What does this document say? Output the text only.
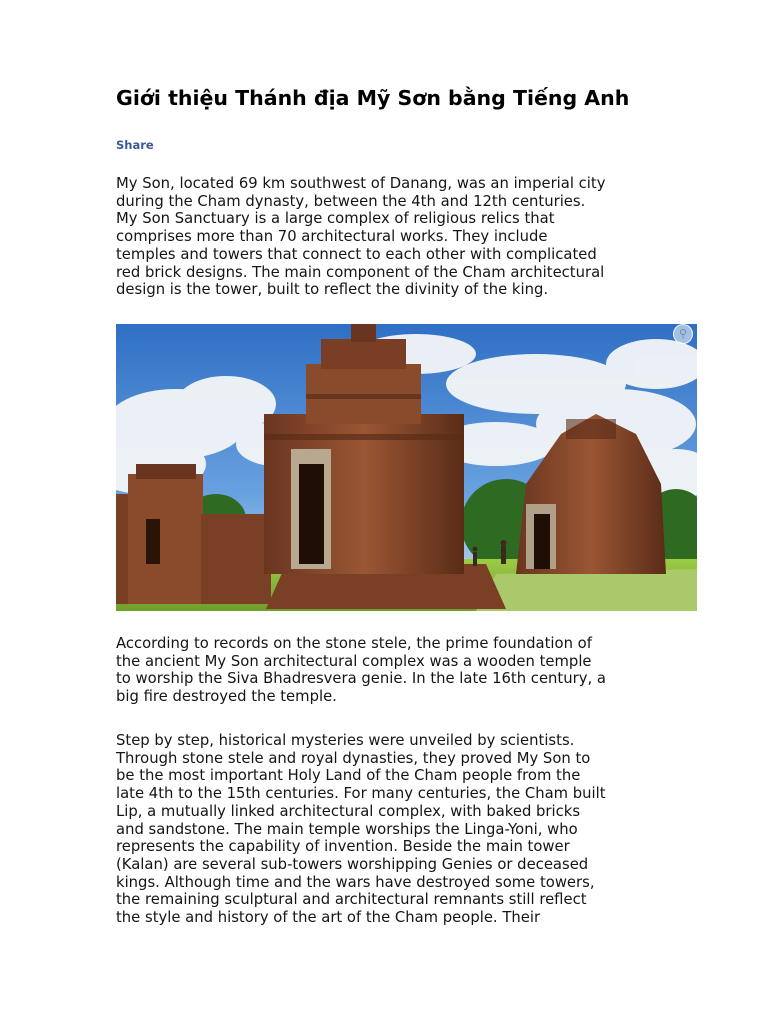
Giới thiệu Thánh địa Mỹ Sơn bằng Tiếng Anh
Share

My Son, located 69 km southwest of Danang, was an imperial city
during the Cham dynasty, between the 4th and 12th centuries.
My Son Sanctuary is a large complex of religious relics that
comprises more than 70 architectural works. They include
temples and towers that connect to each other with complicated
red brick designs. The main component of the Cham architectural
design is the tower, built to reflect the divinity of the king.

⚲

According to records on the stone stele, the prime foundation of
the ancient My Son architectural complex was a wooden temple
to worship the Siva Bhadresvera genie. In the late 16th century, a
big fire destroyed the temple.

Step by step, historical mysteries were unveiled by scientists.
Through stone stele and royal dynasties, they proved My Son to
be the most important Holy Land of the Cham people from the
late 4th to the 15th centuries. For many centuries, the Cham built
Lip, a mutually linked architectural complex, with baked bricks
and sandstone. The main temple worships the Linga-Yoni, who
represents the capability of invention. Beside the main tower
(Kalan) are several sub-towers worshipping Genies or deceased
kings. Although time and the wars have destroyed some towers,
the remaining sculptural and architectural remnants still reflect
the style and history of the art of the Cham people. Their
